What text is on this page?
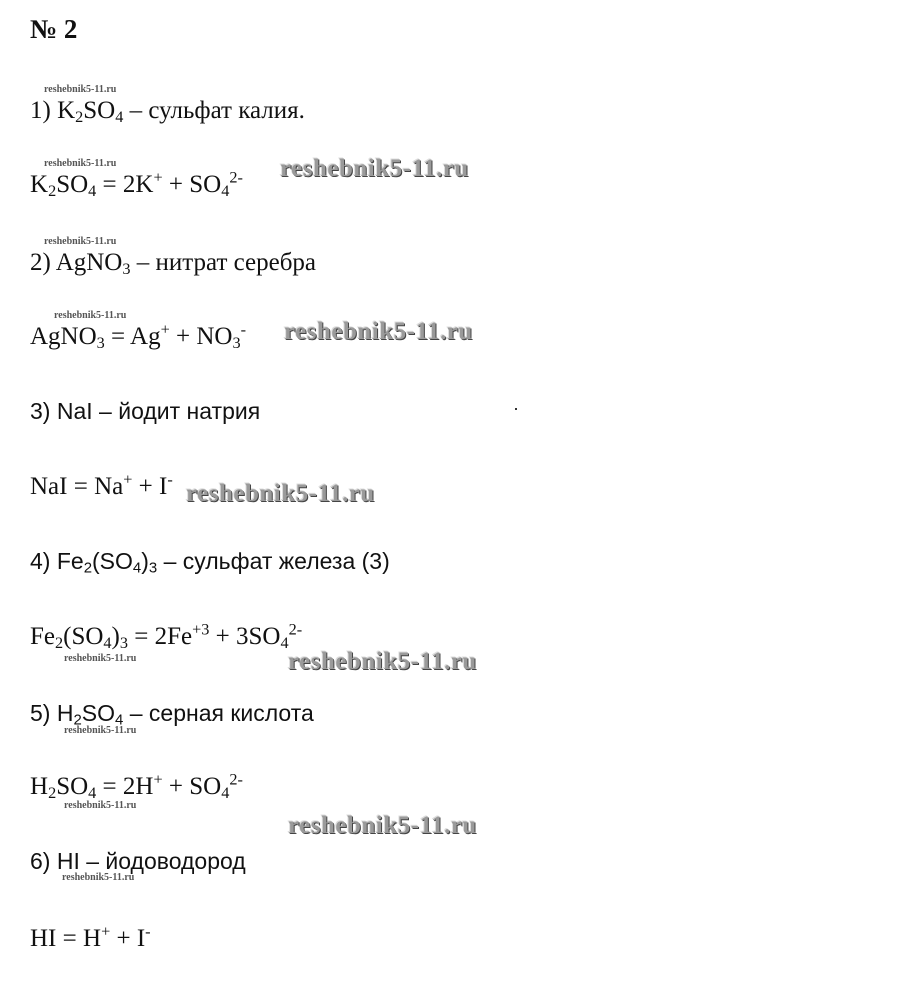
№ 2
reshebnik5-11.ru
1) $K_2SO_4$ – сульфат калия.
reshebnik5-11.ru
$K_2SO_4 = 2K^+ + SO_4^{2-}$ reshebnik5-11.ru
reshebnik5-11.ru
2) AgNO$_3$ – нитрат серебра
reshebnik5-11.ru
AgNO$_3$ = $Ag^+ + NO_3^-$ reshebnik5-11.ru
3) NaI – йодит натрия
NaI = Na+ + I-
reshebnik5-11.ru
4) $Fe_2(SO_4)_3$ – сульфат железа (3)
$Fe_2(SO_4)_3 = 2Fe^{+3} + 3SO_4^{2-}$
reshebnik5-11.ru	reshebnik5-11.ru
5) $H_2SO_4$ – серная кислота
reshebnik5-11.ru
$H_2SO_4 = 2H^+ + SO_4^{2-}$
reshebnik5-11.ru
reshebnik5-11.ru
6) HI – йодоводород
reshebnik5-11.ru
HI = H+ + I-
